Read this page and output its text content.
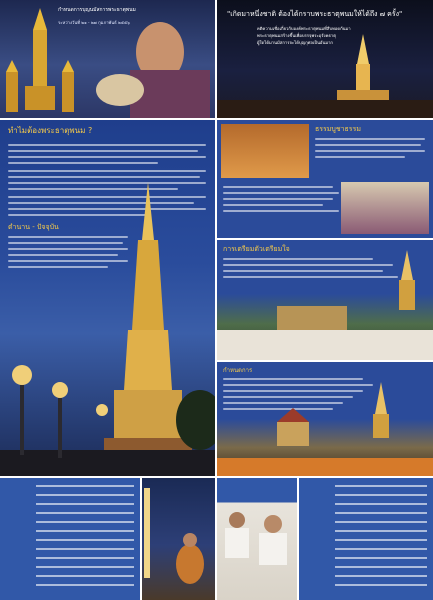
กำหนดการบุญนมัสการพระธาตุพนม
ระหว่างวันที่ ๒๑ - ๒๗ กุมภาพันธ์ ๒๕๕๖
"เกิดมาหนึ่งชาติ ต้องได้กราบพระธาตุพนมให้ได้ถึง ๗ ครั้ง"
คติความเชื่อเกี่ยวกับองค์พระธาตุพนมที่สืบทอดกันมา
พระธาตุพนมสร้างขึ้นเพื่อบรรจุพระอุรังคธาตุ
ผู้ใดได้มานมัสการจะได้บุญกุศลเป็นอันมาก
ทำไมต้องพระธาตุพนม ?
ตำนาน - ปัจจุบัน
ธรรมบูชาธรรม
การเตรียมตัวเตรียมใจ
กำหนดการ
